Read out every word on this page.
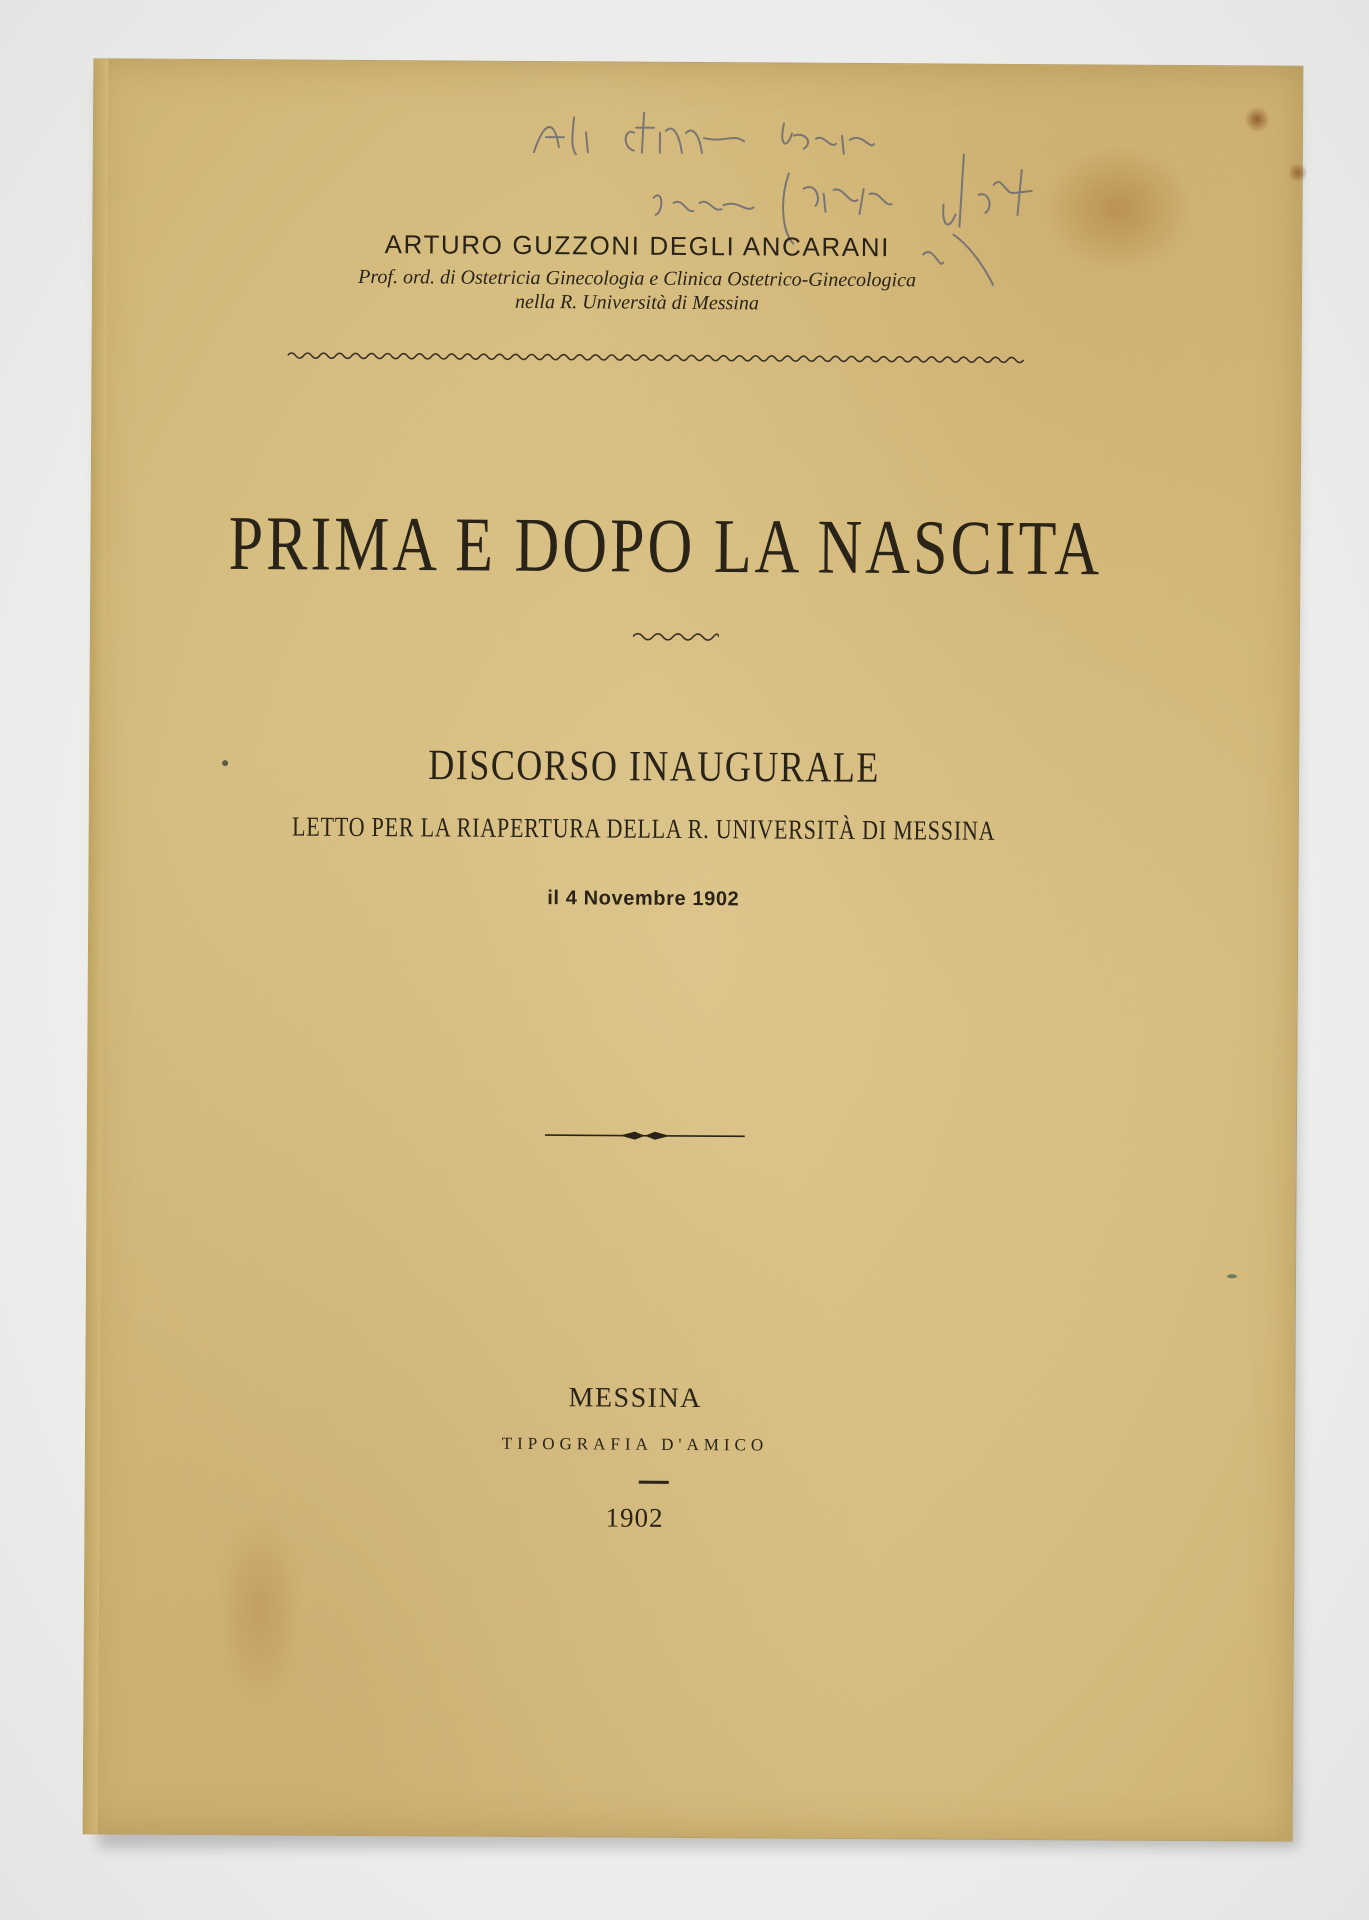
ARTURO GUZZONI DEGLI ANCARANI
Prof. ord. di Ostetricia Ginecologia e Clinica Ostetrico-Ginecologica
nella R. Università di Messina
PRIMA E DOPO LA NASCITA
DISCORSO INAUGURALE
LETTO PER LA RIAPERTURA DELLA R. UNIVERSITÀ DI MESSINA
il 4 Novembre 1902
MESSINA
TIPOGRAFIA D'AMICO
1902
